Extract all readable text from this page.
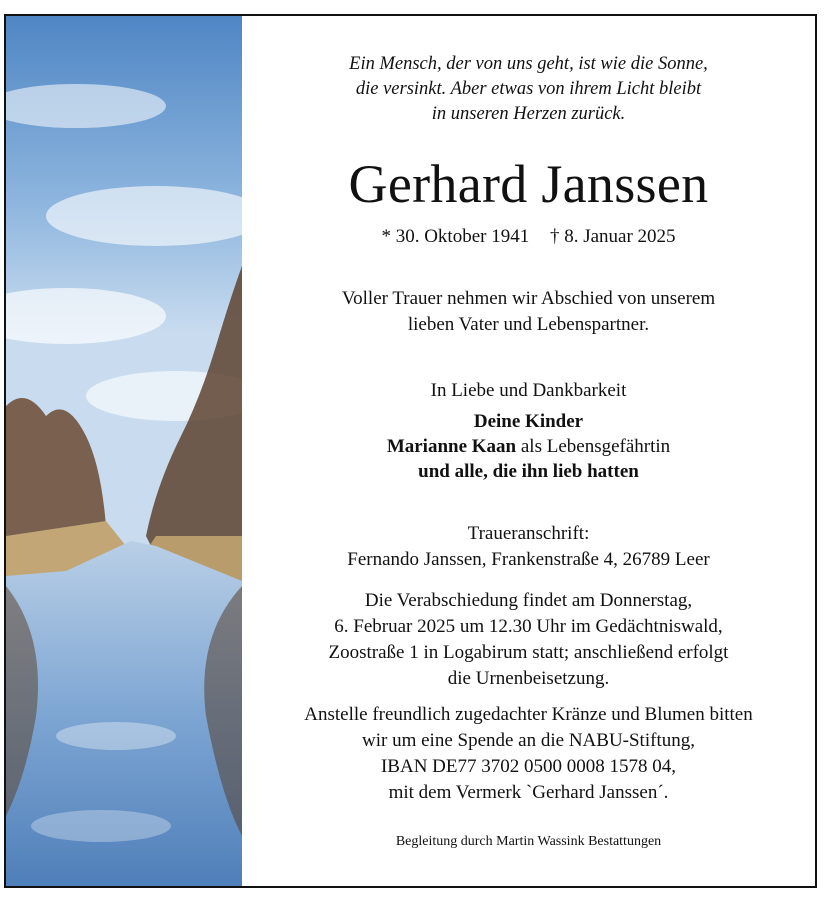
Ein Mensch, der von uns geht, ist wie die Sonne,
die versinkt. Aber etwas von ihrem Licht bleibt
in unseren Herzen zurück.
Gerhard Janssen
* 30. Oktober 1941 † 8. Januar 2025
Voller Trauer nehmen wir Abschied von unserem
lieben Vater und Lebenspartner.
In Liebe und Dankbarkeit
Deine Kinder
Marianne Kaan als Lebensgefährtin
und alle, die ihn lieb hatten
Traueranschrift:
Fernando Janssen, Frankenstraße 4, 26789 Leer
Die Verabschiedung findet am Donnerstag,
6. Februar 2025 um 12.30 Uhr im Gedächtniswald,
Zoostraße 1 in Logabirum statt; anschließend erfolgt
die Urnenbeisetzung.
Anstelle freundlich zugedachter Kränze und Blumen bitten
wir um eine Spende an die NABU-Stiftung,
IBAN DE77 3702 0500 0008 1578 04,
mit dem Vermerk `Gerhard Janssen´.
Begleitung durch Martin Wassink Bestattungen
